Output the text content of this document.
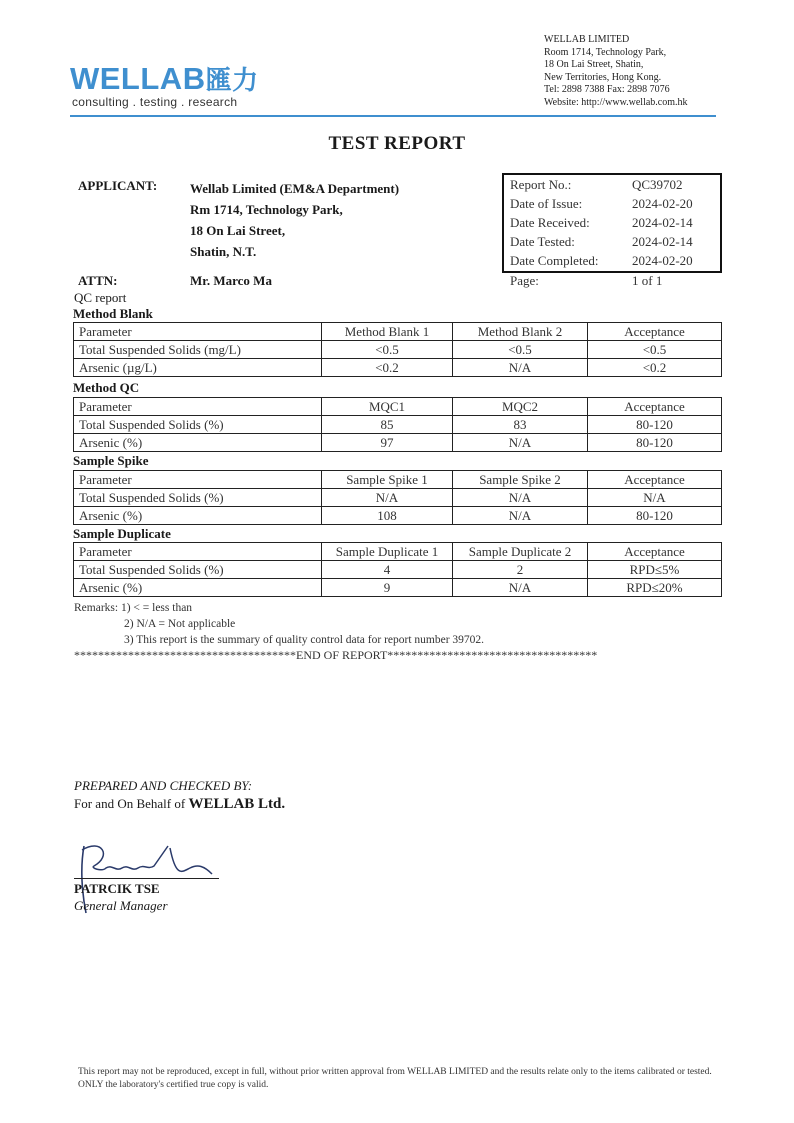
WELLAB匯力
consulting . testing . research
WELLAB LIMITED
Room 1714, Technology Park,
18 On Lai Street, Shatin,
New Territories, Hong Kong.
Tel: 2898 7388 Fax: 2898 7076
Website: http://www.wellab.com.hk
TEST REPORT
APPLICANT:	Wellab Limited (EM&A Department)
Rm 1714, Technology Park,
18 On Lai Street,
Shatin, N.T.
Report No.:	QC39702
Date of Issue:	2024-02-20
Date Received:	2024-02-14
Date Tested:	2024-02-14
Date Completed:	2024-02-20
ATTN:	Mr. Marco Ma	Page:	1 of 1
QC report
Method Blank
Parameter	Method Blank 1	Method Blank 2	Acceptance
Total Suspended Solids (mg/L)	<0.5	<0.5	<0.5
Arsenic (µg/L)	<0.2	N/A	<0.2
Method QC
Parameter	MQC1	MQC2	Acceptance
Total Suspended Solids (%)	85	83	80-120
Arsenic (%)	97	N/A	80-120
Sample Spike
Parameter	Sample Spike 1	Sample Spike 2	Acceptance
Total Suspended Solids (%)	N/A	N/A	N/A
Arsenic (%)	108	N/A	80-120
Sample Duplicate
Parameter	Sample Duplicate 1	Sample Duplicate 2	Acceptance
Total Suspended Solids (%)	4	2	RPD≤5%
Arsenic (%)	9	N/A	RPD≤20%
Remarks: 1) < = less than
2) N/A = Not applicable
3) This report is the summary of quality control data for report number 39702.
*************************************END OF REPORT***********************************
PREPARED AND CHECKED BY:
For and On Behalf of WELLAB Ltd.
PATRCIK TSE
General Manager
This report may not be reproduced, except in full, without prior written approval from WELLAB LIMITED and the results relate only to the items calibrated or tested. ONLY the laboratory's certified true copy is valid.
